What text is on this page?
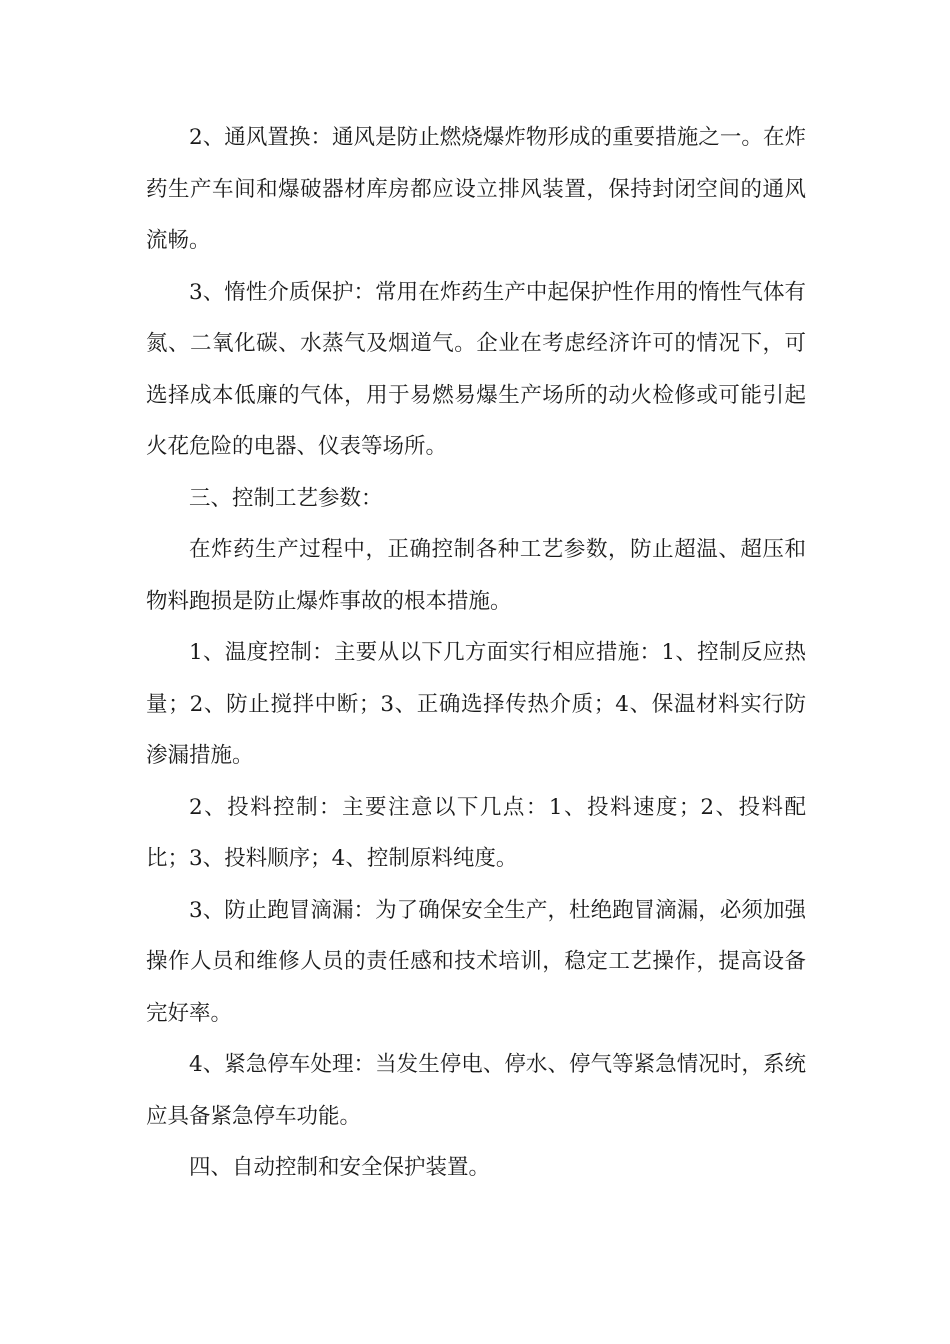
2、通风置换：通风是防止燃烧爆炸物形成的重要措施之一。在炸药生产车间和爆破器材库房都应设立排风装置，保持封闭空间的通风流畅。

3、惰性介质保护：常用在炸药生产中起保护性作用的惰性气体有氮、二氧化碳、水蒸气及烟道气。企业在考虑经济许可的情况下，可选择成本低廉的气体，用于易燃易爆生产场所的动火检修或可能引起火花危险的电器、仪表等场所。

三、控制工艺参数：

在炸药生产过程中，正确控制各种工艺参数，防止超温、超压和物料跑损是防止爆炸事故的根本措施。

1、温度控制：主要从以下几方面实行相应措施：1、控制反应热量；2、防止搅拌中断；3、正确选择传热介质；4、保温材料实行防渗漏措施。

2、投料控制：主要注意以下几点：1、投料速度；2、投料配比；3、投料顺序；4、控制原料纯度。

3、防止跑冒滴漏：为了确保安全生产，杜绝跑冒滴漏，必须加强操作人员和维修人员的责任感和技术培训，稳定工艺操作，提高设备完好率。

4、紧急停车处理：当发生停电、停水、停气等紧急情况时，系统应具备紧急停车功能。

四、自动控制和安全保护装置。
